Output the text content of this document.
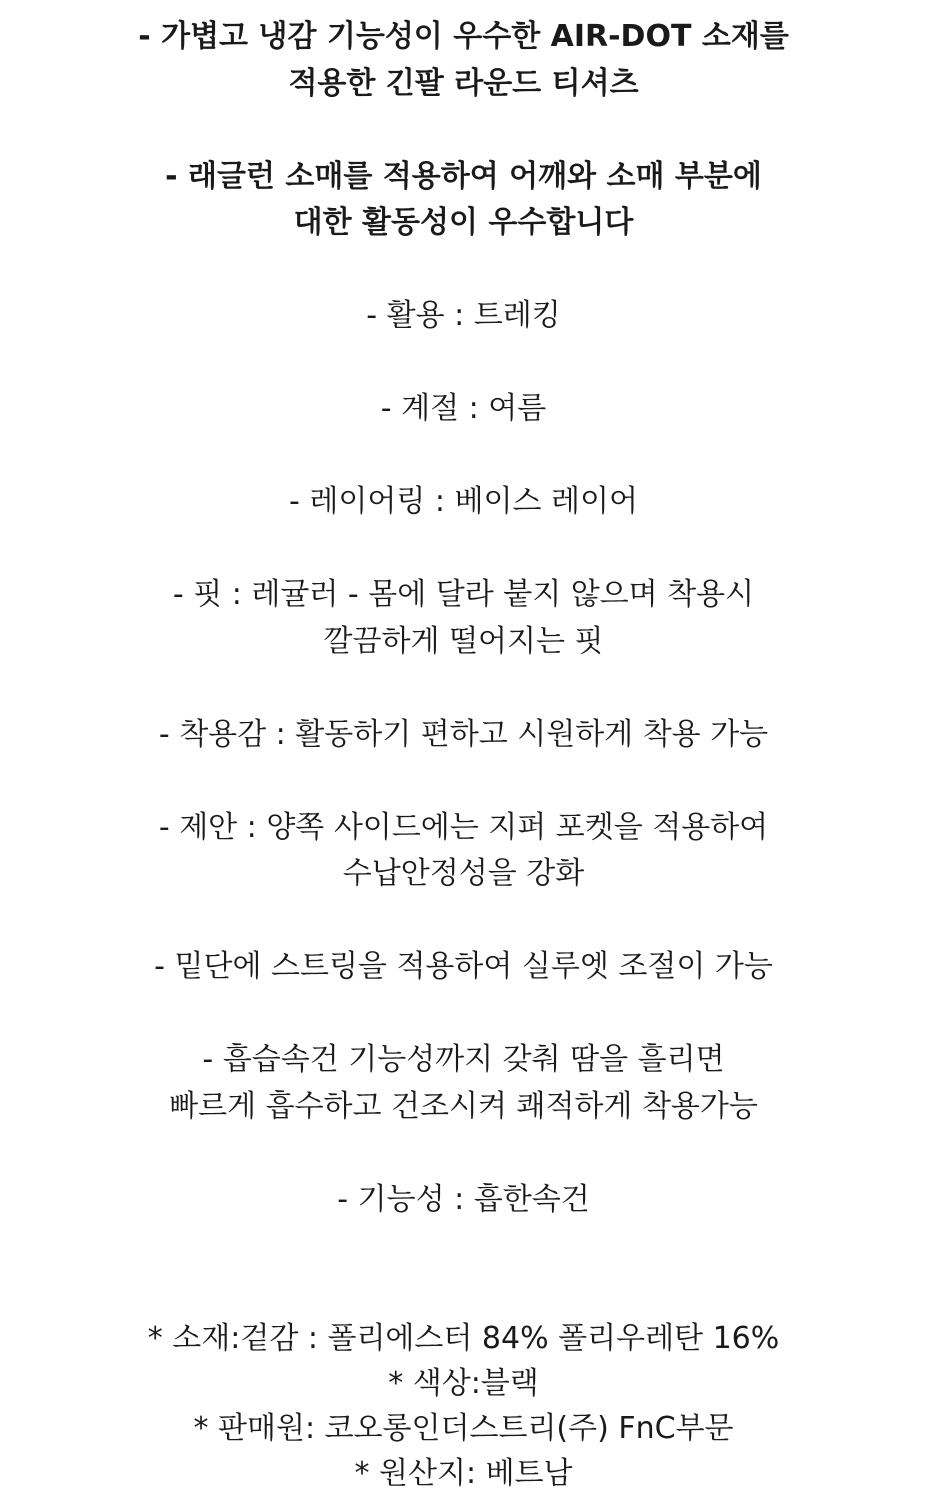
- 가볍고 냉감 기능성이 우수한 AIR-DOT 소재를
적용한 긴팔 라운드 티셔츠

- 래글런 소매를 적용하여 어깨와 소매 부분에
대한 활동성이 우수합니다

- 활용 : 트레킹

- 계절 : 여름

- 레이어링 : 베이스 레이어

- 핏 : 레귤러 - 몸에 달라 붙지 않으며 착용시
깔끔하게 떨어지는 핏

- 착용감 : 활동하기 편하고 시원하게 착용 가능

- 제안 : 양쪽 사이드에는 지퍼 포켓을 적용하여
수납안정성을 강화

- 밑단에 스트링을 적용하여 실루엣 조절이 가능

- 흡습속건 기능성까지 갖춰 땀을 흘리면
빠르게 흡수하고 건조시켜 쾌적하게 착용가능

- 기능성 : 흡한속건

* 소재:겉감 : 폴리에스터 84% 폴리우레탄 16%
* 색상:블랙
* 판매원: 코오롱인더스트리(주) FnC부문
* 원산지: 베트남
